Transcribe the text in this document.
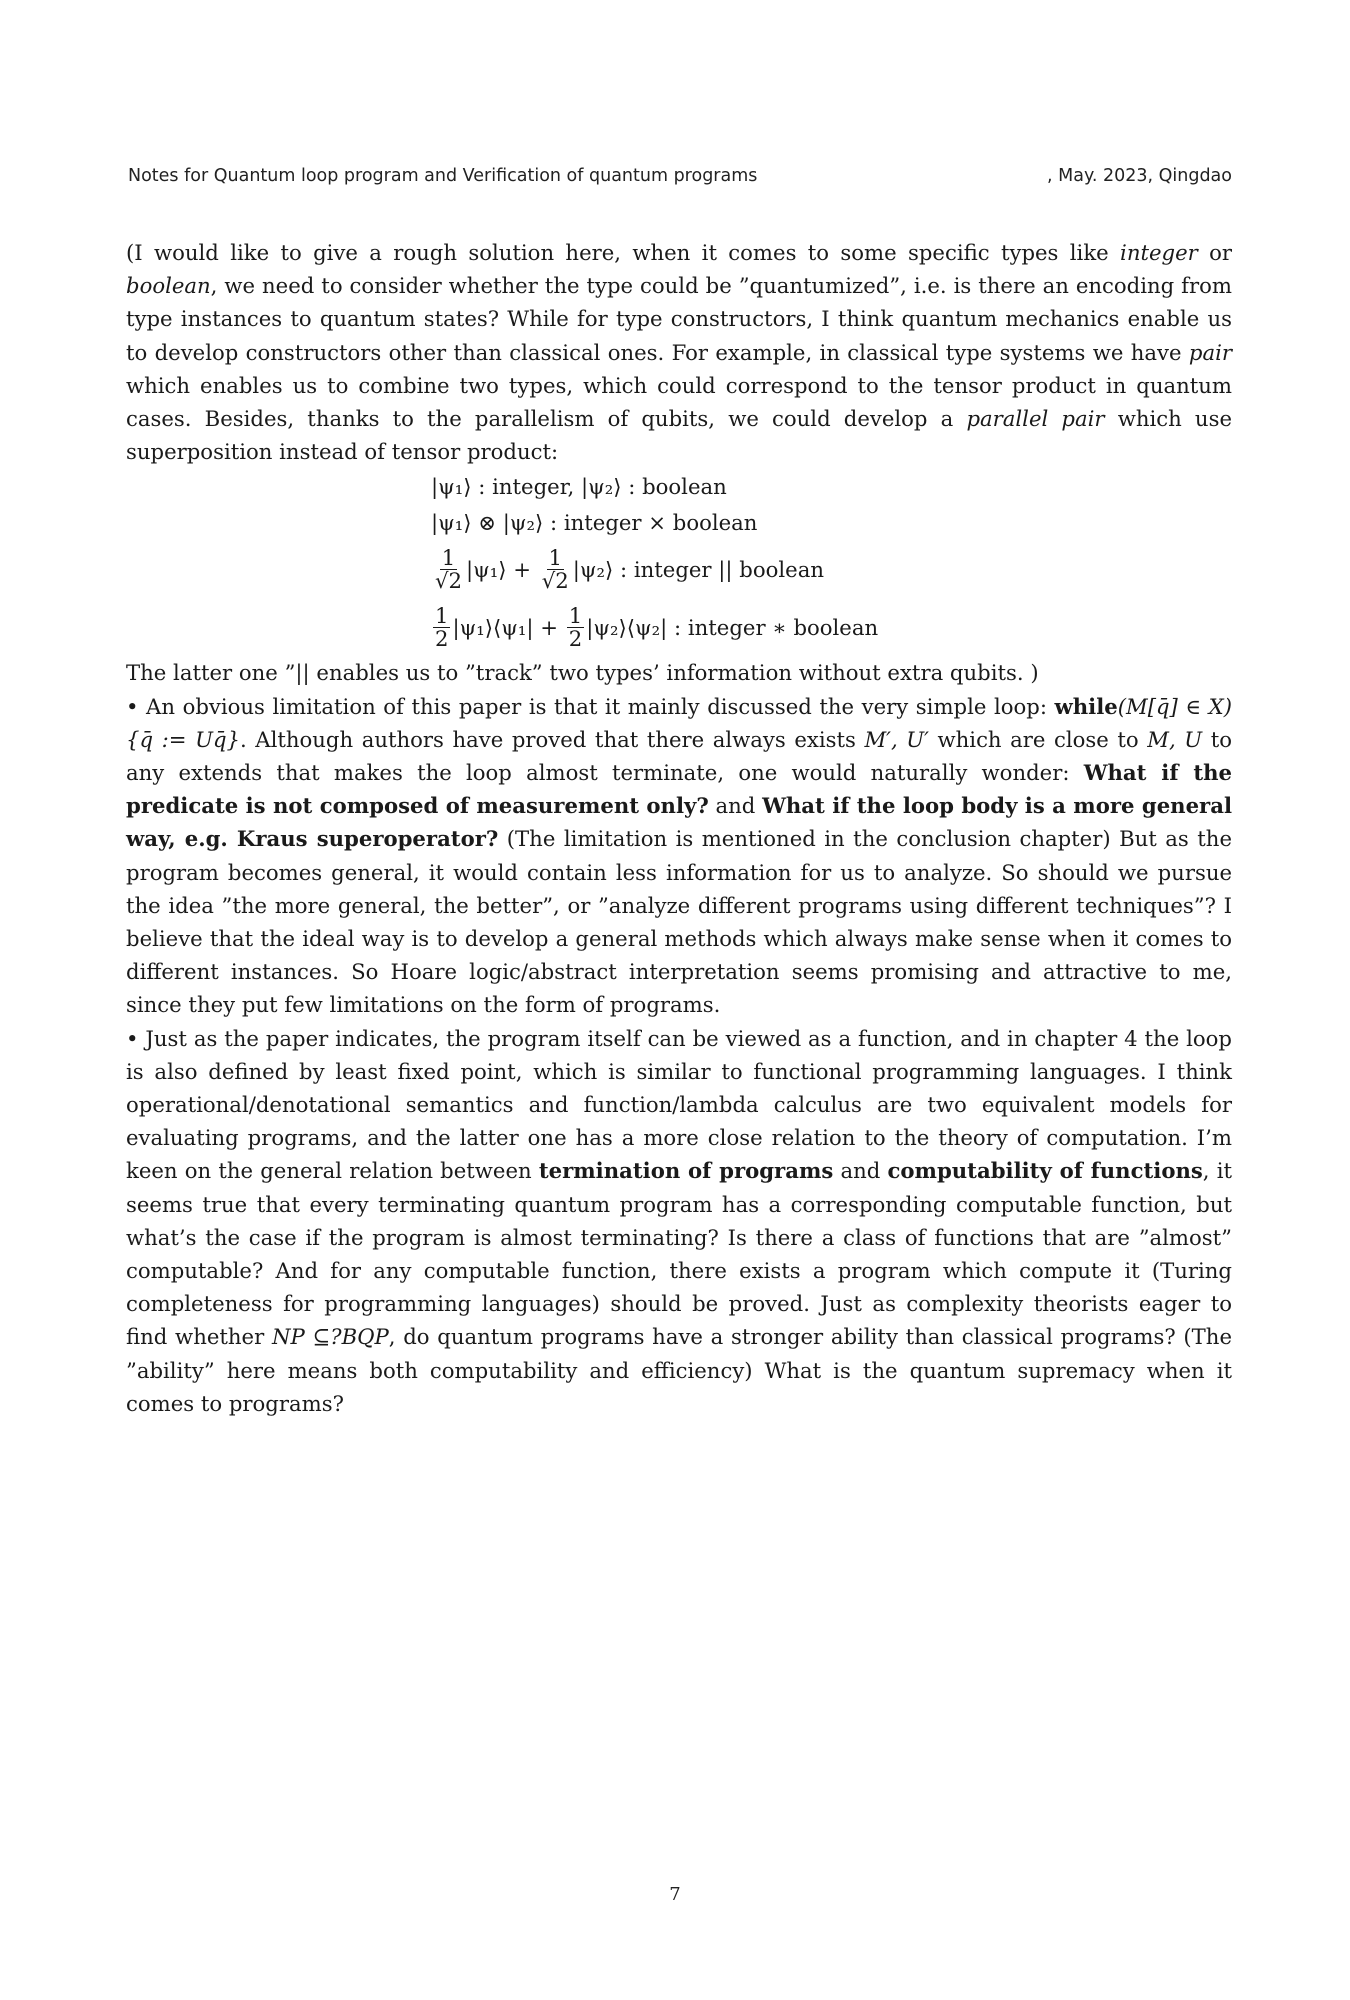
Notes for Quantum loop program and Verification of quantum programs	, May. 2023, Qingdao

(I would like to give a rough solution here, when it comes to some specific types like integer or boolean, we need to consider whether the type could be ”quantumized”, i.e. is there an encoding from type instances to quantum states? While for type constructors, I think quantum mechanics enable us to develop constructors other than classical ones. For example, in classical type systems we have pair which enables us to combine two types, which could correspond to the tensor product in quantum cases. Besides, thanks to the parallelism of qubits, we could develop a parallel pair which use superposition instead of tensor product:

|ψ₁⟩ : integer, |ψ₂⟩ : boolean
|ψ₁⟩ ⊗ |ψ₂⟩ : integer × boolean
$\frac{1}{√2}$ |ψ₁⟩ +
$\frac{1}{√2}$ |ψ₂⟩ : integer || boolean
$\frac{1}{2}$ |ψ₁⟩⟨ψ₁| +
$\frac{1}{2}$ |ψ₂⟩⟨ψ₂| : integer ∗ boolean

The latter one ”|| enables us to ”track” two types’ information without extra qubits. )

• An obvious limitation of this paper is that it mainly discussed the very simple loop: while(M[q̄] ∈ X){q̄ := Uq̄}. Although authors have proved that there always exists M′, U′ which are close to M, U to any extends that makes the loop almost terminate, one would naturally wonder: What if the predicate is not composed of measurement only? and What if the loop body is a more general way, e.g. Kraus superoperator? (The limitation is mentioned in the conclusion chapter) But as the program becomes general, it would contain less information for us to analyze. So should we pursue the idea ”the more general, the better”, or ”analyze different programs using different techniques”? I believe that the ideal way is to develop a general methods which always make sense when it comes to different instances. So Hoare logic/abstract interpretation seems promising and attractive to me, since they put few limitations on the form of programs.

• Just as the paper indicates, the program itself can be viewed as a function, and in chapter 4 the loop is also defined by least fixed point, which is similar to functional programming languages. I think operational/denotational semantics and function/lambda calculus are two equivalent models for evaluating programs, and the latter one has a more close relation to the theory of computation. I’m keen on the general relation between termination of programs and computability of functions, it seems true that every terminating quantum program has a corresponding computable function, but what’s the case if the program is almost terminating? Is there a class of functions that are ”almost” computable? And for any computable function, there exists a program which compute it (Turing completeness for programming languages) should be proved. Just as complexity theorists eager to find whether NP ⊆?BQP, do quantum programs have a stronger ability than classical programs? (The ”ability” here means both computability and efficiency) What is the quantum supremacy when it comes to programs?

7
